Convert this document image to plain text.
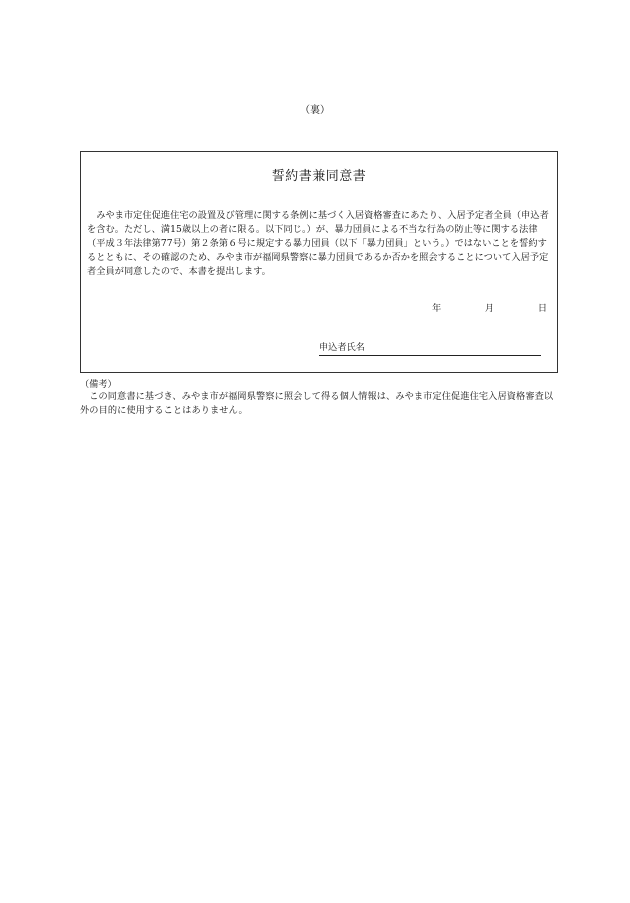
（裏）
誓約書兼同意書
みやま市定住促進住宅の設置及び管理に関する条例に基づく入居資格審査にあたり、入居予定者全員（申込者を含む。ただし、満15歳以上の者に限る。以下同じ。）が、暴力団員による不当な行為の防止等に関する法律（平成３年法律第77号）第２条第６号に規定する暴力団員（以下「暴力団員」という。）ではないことを誓約するとともに、その確認のため、みやま市が福岡県警察に暴力団員であるか否かを照会することについて入居予定者全員が同意したので、本書を提出します。
年	月	日
申込者氏名
（備考）
この同意書に基づき、みやま市が福岡県警察に照会して得る個人情報は、みやま市定住促進住宅入居資格審査以外の目的に使用することはありません。
